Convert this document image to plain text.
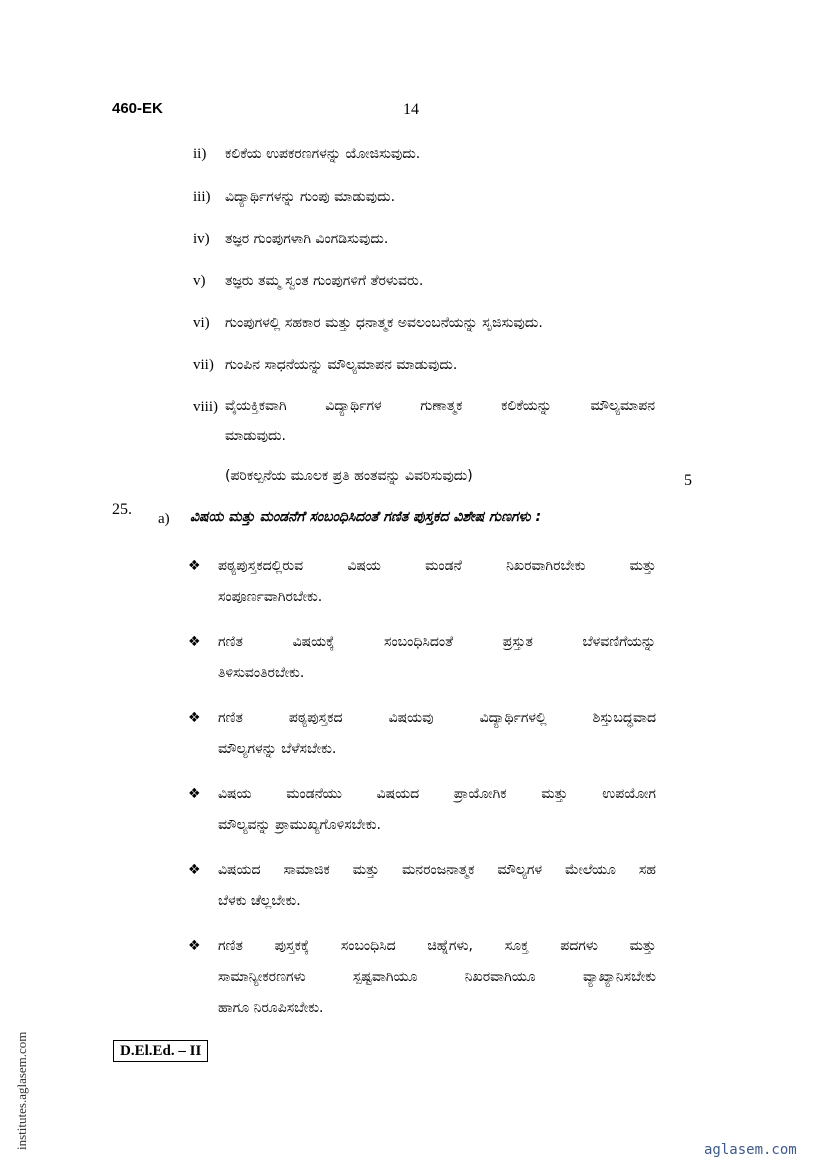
460-EK	14
ii) ಕಲಿಕೆಯ ಉಪಕರಣಗಳನ್ನು ಯೋಜಿಸುವುದು.
iii) ವಿದ್ಯಾರ್ಥಿಗಳನ್ನು ಗುಂಪು ಮಾಡುವುದು.
iv) ತಜ್ಞರ ಗುಂಪುಗಳಾಗಿ ವಿಂಗಡಿಸುವುದು.
v) ತಜ್ಞರು ತಮ್ಮ ಸ್ವಂತ ಗುಂಪುಗಳಿಗೆ ತೆರಳುವರು.
vi) ಗುಂಪುಗಳಲ್ಲಿ ಸಹಕಾರ ಮತ್ತು ಧನಾತ್ಮಕ ಅವಲಂಬನೆಯನ್ನು ಸೃಜಿಸುವುದು.
vii) ಗುಂಪಿನ ಸಾಧನೆಯನ್ನು ಮೌಲ್ಯಮಾಪನ ಮಾಡುವುದು.
viii) ವೈಯಕ್ತಿಕವಾಗಿ ವಿದ್ಯಾರ್ಥಿಗಳ ಗುಣಾತ್ಮಕ ಕಲಿಕೆಯನ್ನು ಮೌಲ್ಯಮಾಪನ
ಮಾಡುವುದು.
(ಪರಿಕಲ್ಪನೆಯ ಮೂಲಕ ಪ್ರತಿ ಹಂತವನ್ನು ವಿವರಿಸುವುದು)	5
25.
a) ವಿಷಯ ಮತ್ತು ಮಂಡನೆಗೆ ಸಂಬಂಧಿಸಿದಂತೆ ಗಣಿತ ಪುಸ್ತಕದ ವಿಶೇಷ ಗುಣಗಳು :
❖ ಪಠ್ಯಪುಸ್ತಕದಲ್ಲಿರುವ ವಿಷಯ ಮಂಡನೆ ನಿಖರವಾಗಿರಬೇಕು ಮತ್ತು
ಸಂಪೂರ್ಣವಾಗಿರಬೇಕು.
❖ ಗಣಿತ ವಿಷಯಕ್ಕೆ ಸಂಬಂಧಿಸಿದಂತೆ ಪ್ರಸ್ತುತ ಬೆಳವಣಿಗೆಯನ್ನು
ತಿಳಿಸುವಂತಿರಬೇಕು.
❖ ಗಣಿತ ಪಠ್ಯಪುಸ್ತಕದ ವಿಷಯವು ವಿದ್ಯಾರ್ಥಿಗಳಲ್ಲಿ ಶಿಸ್ತುಬದ್ಧವಾದ
ಮೌಲ್ಯಗಳನ್ನು ಬೆಳೆಸಬೇಕು.
❖ ವಿಷಯ ಮಂಡನೆಯು ವಿಷಯದ ಪ್ರಾಯೋಗಿಕ ಮತ್ತು ಉಪಯೋಗ
ಮೌಲ್ಯವನ್ನು ಪ್ರಾಮುಖ್ಯಗೊಳಿಸಬೇಕು.
❖ ವಿಷಯದ ಸಾಮಾಜಿಕ ಮತ್ತು ಮನರಂಜನಾತ್ಮಕ ಮೌಲ್ಯಗಳ ಮೇಲೆಯೂ ಸಹ
ಬೆಳಕು ಚೆಲ್ಲಬೇಕು.
❖ ಗಣಿತ ಪುಸ್ತಕಕ್ಕೆ ಸಂಬಂಧಿಸಿದ ಚಿಹ್ನೆಗಳು, ಸೂಕ್ತ ಪದಗಳು ಮತ್ತು
ಸಾಮಾನ್ಯೀಕರಣಗಳು ಸ್ಪಷ್ಟವಾಗಿಯೂ ನಿಖರವಾಗಿಯೂ ವ್ಯಾಖ್ಯಾನಿಸಬೇಕು
ಹಾಗೂ ನಿರೂಪಿಸಬೇಕು.
D.El.Ed. – II
institutes.aglasem.com	aglasem.com
